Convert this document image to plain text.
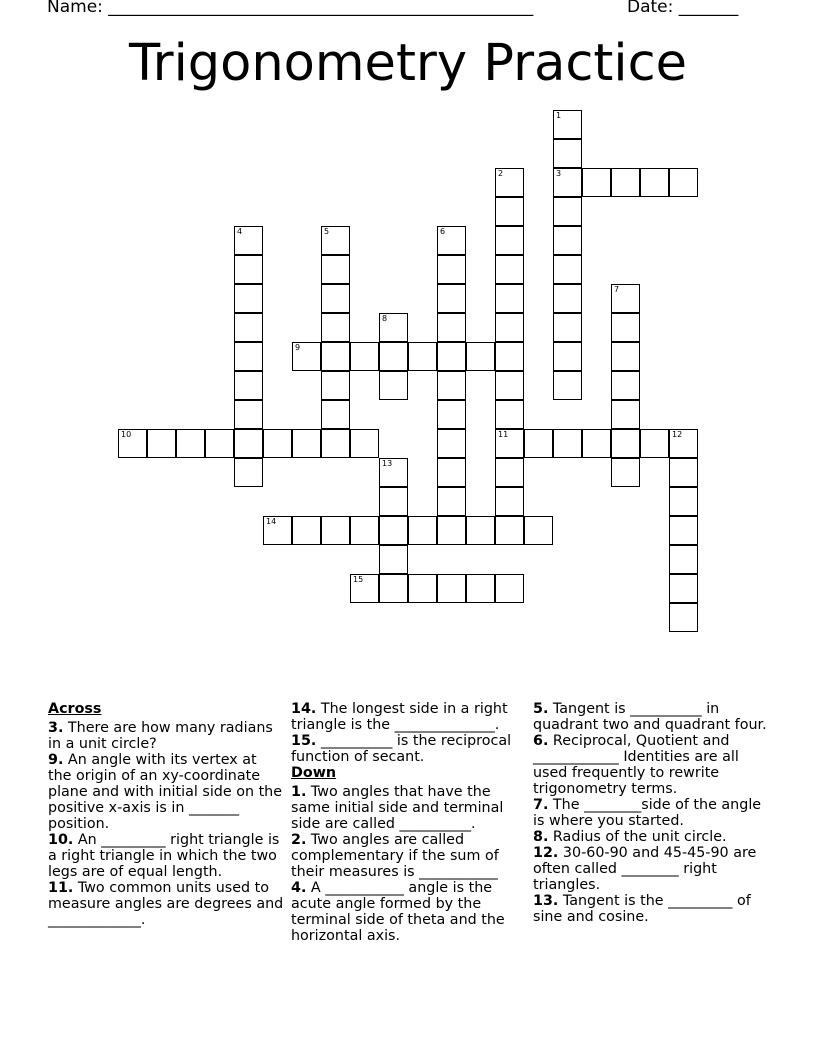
Name: __________________________________________________	Date: _______
Trigonometry Practice
1
3
2
11
4	5	6
7
8
9
10	12
13
14
15
Across

3. There are how many radians in a unit circle?

9. An angle with its vertex at the origin of an xy-coordinate plane and with initial side on the positive x-axis is in _______ position.

10. An _________ right triangle is a right triangle in which the two legs are of equal length.

11. Two common units used to measure angles are degrees and _____________.

14. The longest side in a right triangle is the ______________.

15. __________ is the reciprocal function of secant.

Down

1. Two angles that have the same initial side and terminal side are called __________.

2. Two angles are called complementary if the sum of their measures is ___________

4. A ___________ angle is the acute angle formed by the terminal side of theta and the horizontal axis.

5. Tangent is __________ in quadrant two and quadrant four.

6. Reciprocal, Quotient and ____________ Identities are all used frequently to rewrite trigonometry terms.

7. The ________side of the angle is where you started.

8. Radius of the unit circle.

12. 30-60-90 and 45-45-90 are often called ________ right triangles.

13. Tangent is the _________ of sine and cosine.
